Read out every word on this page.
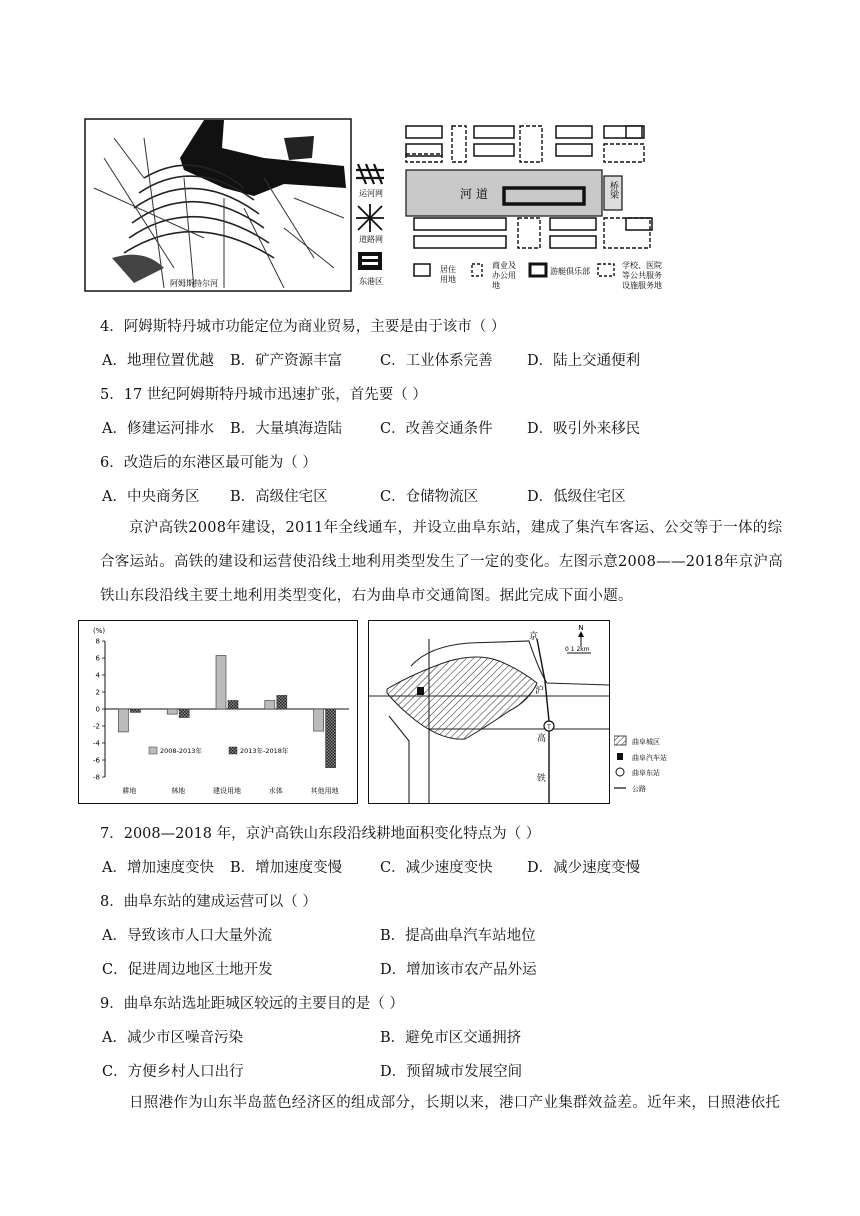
阿姆斯特尔河
运河网
道路网
东港区
河 道	桥梁
居住用地
商业及办公用地
游艇俱乐部
学校、医院等公共服务设施服务地
4．阿姆斯特丹城市功能定位为商业贸易，主要是由于该市（ ）
A．地理位置优越 B．矿产资源丰富	C．工业体系完善 D．陆上交通便利
5．17 世纪阿姆斯特丹城市迅速扩张，首先要（ ）
A．修建运河排水 B．大量填海造陆	C．改善交通条件 D．吸引外来移民
6．改造后的东港区最可能为（ ）
A．中央商务区 B．高级住宅区	C．仓储物流区	D．低级住宅区
京沪高铁2008年建设，2011年全线通车，并设立曲阜东站，建成了集汽车客运、公交等于一体的综合客运站。高铁的建设和运营使沿线土地利用类型发生了一定的变化。左图示意2008——2018年京沪高铁山东段沿线主要土地利用类型变化，右为曲阜市交通简图。据此完成下面小题。
(%)
8
6
4
2
0
-2
-4
-6
-8
耕地	林地	建设用地	水体	其他用地
2008-2013年	2013年-2018年
京
沪
高
铁
T
N
0 1 2km
曲阜城区
曲阜汽车站
曲阜东站
公路
7．2008—2018 年，京沪高铁山东段沿线耕地面积变化特点为（ ）
A．增加速度变快 B．增加速度变慢	C．减少速度变快 D．减少速度变慢
8．曲阜东站的建成运营可以（ ）
A．导致该市人口大量外流	B．提高曲阜汽车站地位
C．促进周边地区土地开发	D．增加该市农产品外运
9．曲阜东站选址距城区较远的主要目的是（ ）
A．减少市区噪音污染	B．避免市区交通拥挤
C．方便乡村人口出行	D．预留城市发展空间
日照港作为山东半岛蓝色经济区的组成部分，长期以来，港口产业集群效益差。近年来，日照港依托
